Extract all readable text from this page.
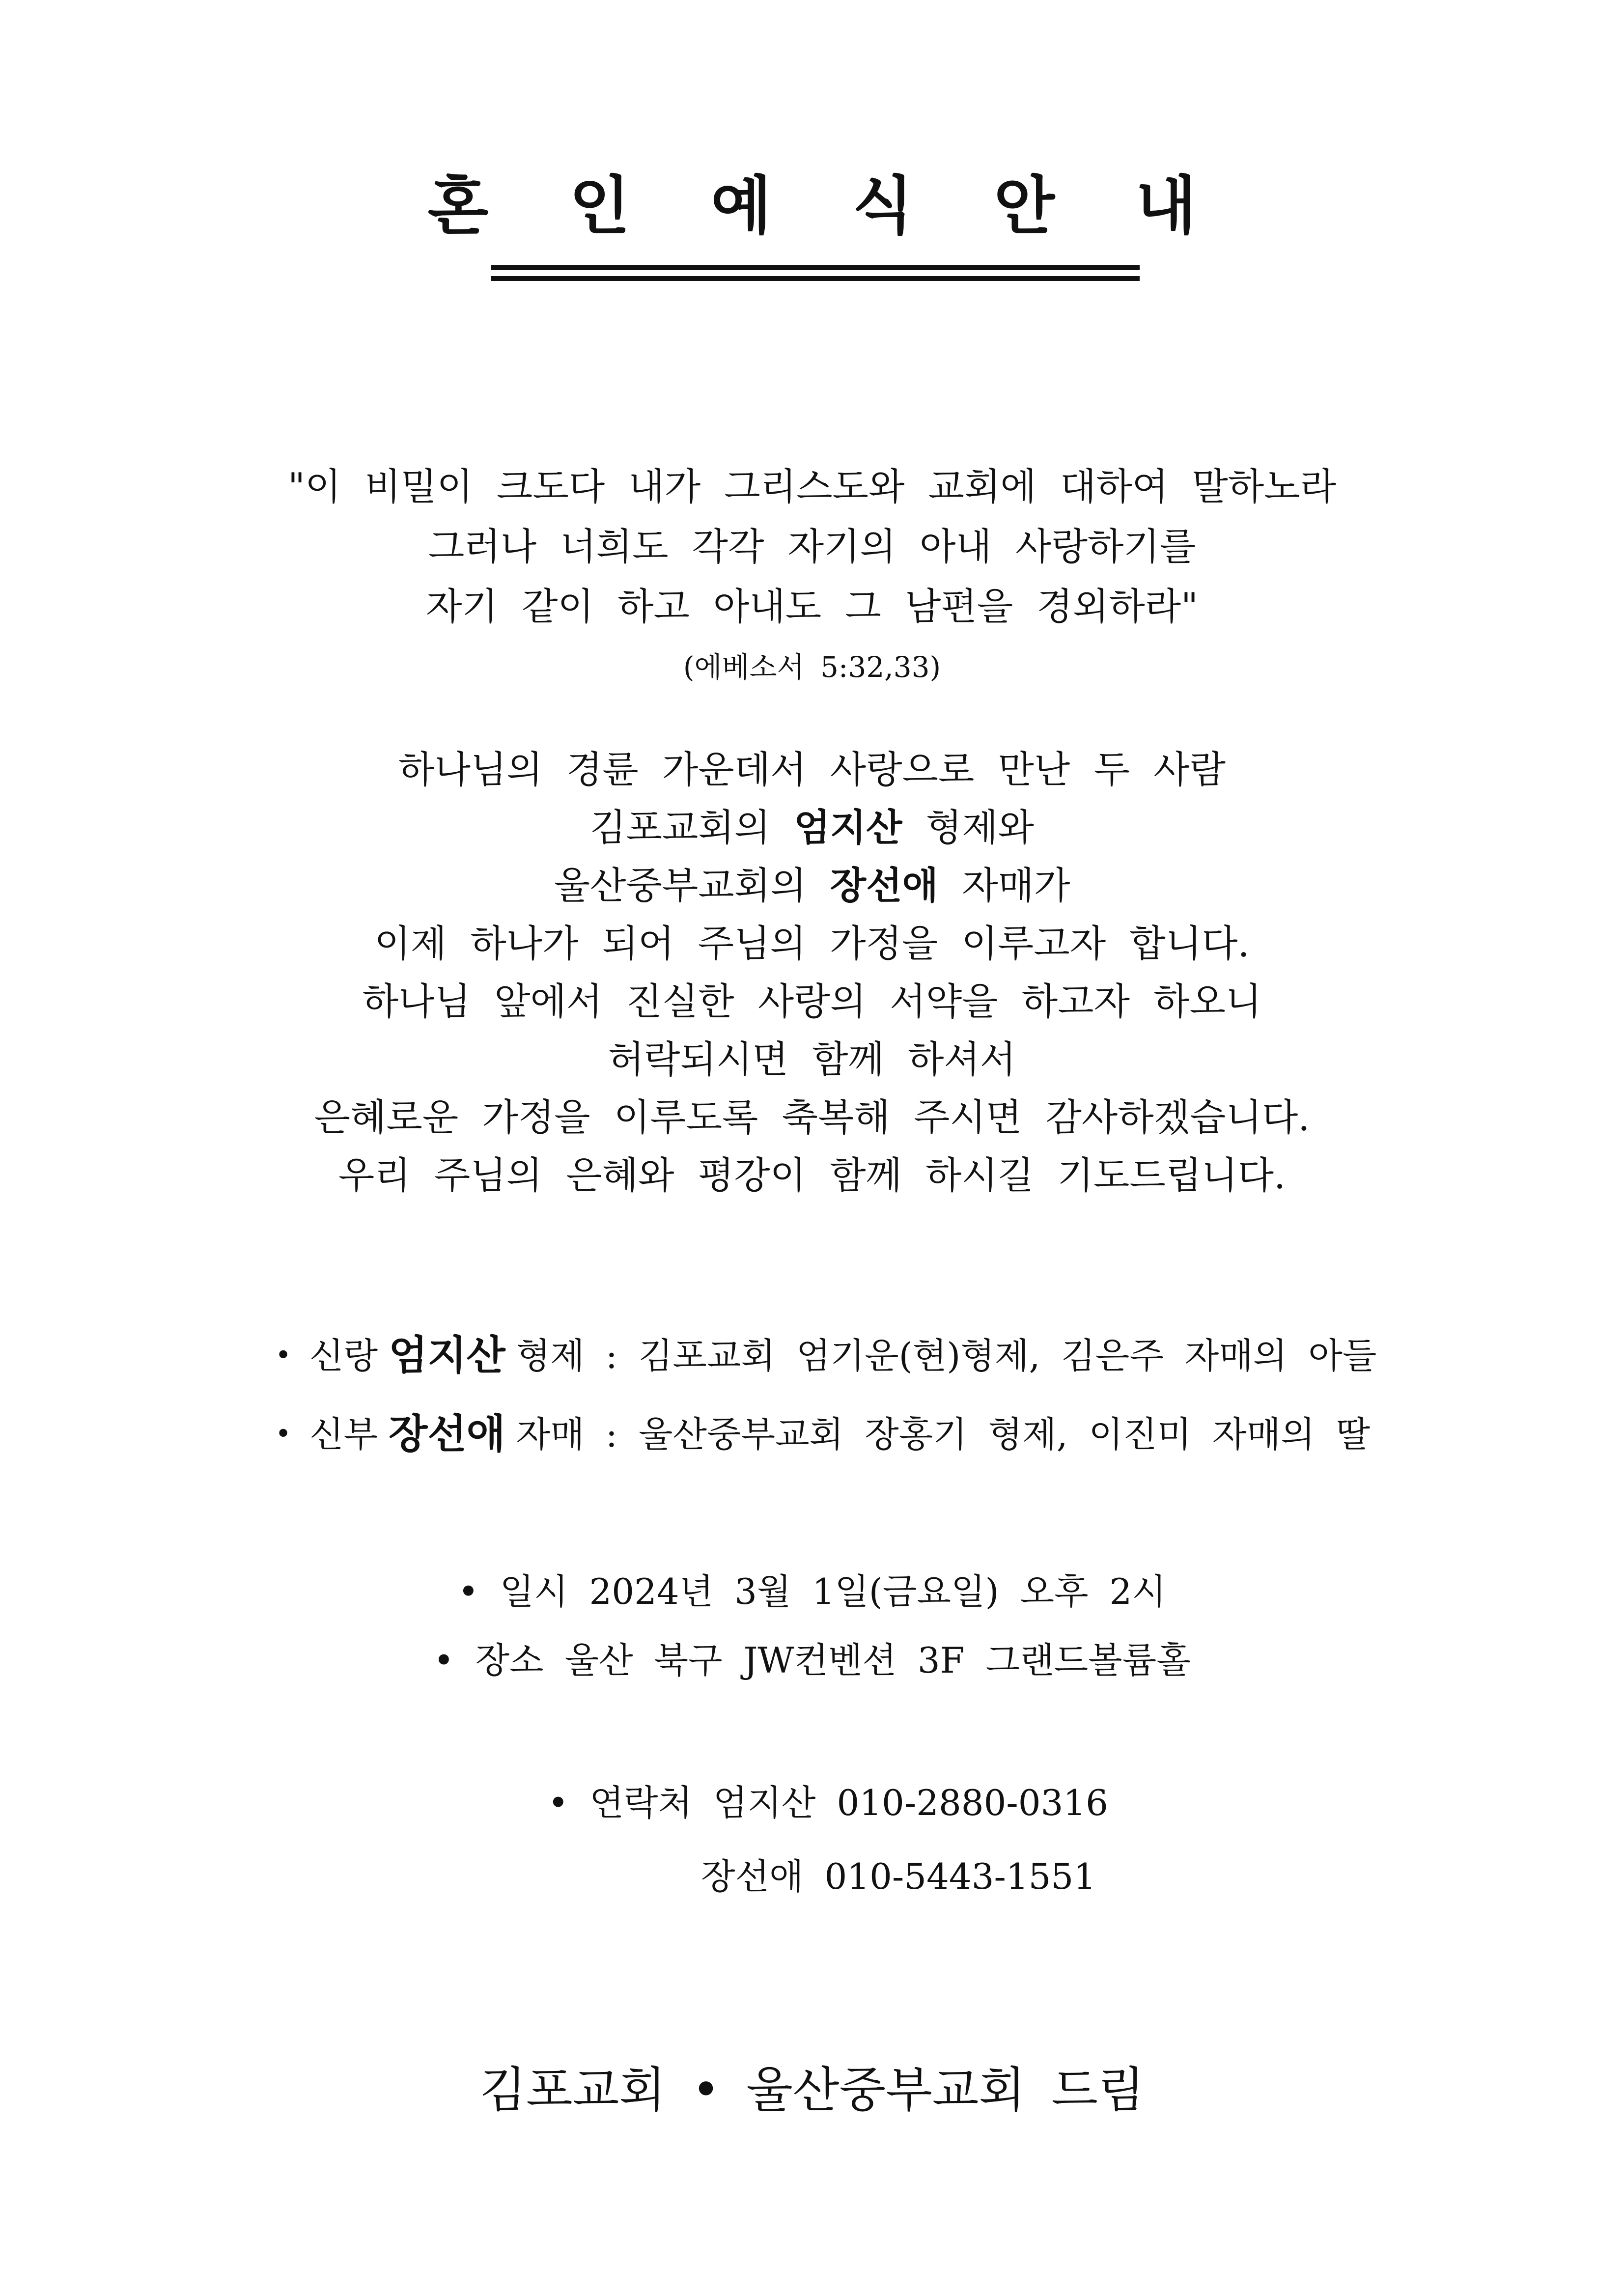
혼 인 예 식 안 내
"이 비밀이 크도다 내가 그리스도와 교회에 대하여 말하노라
그러나 너희도 각각 자기의 아내 사랑하기를
자기 같이 하고 아내도 그 남편을 경외하라"
(에베소서 5:32,33)
하나님의 경륜 가운데서 사랑으로 만난 두 사람
김포교회의 엄지산 형제와
울산중부교회의 장선애 자매가
이제 하나가 되어 주님의 가정을 이루고자 합니다.
하나님 앞에서 진실한 사랑의 서약을 하고자 하오니
허락되시면 함께 하셔서
은혜로운 가정을 이루도록 축복해 주시면 감사하겠습니다.
우리 주님의 은혜와 평강이 함께 하시길 기도드립니다.
• 신랑 엄지산 형제 : 김포교회 엄기운(현)형제, 김은주 자매의 아들
• 신부 장선애 자매 : 울산중부교회 장홍기 형제, 이진미 자매의 딸
• 일시 2024년 3월 1일(금요일) 오후 2시
• 장소 울산 북구 JW컨벤션 3F 그랜드볼륨홀
• 연락처 엄지산 010-2880-0316
장선애 010-5443-1551
김포교회 • 울산중부교회 드림
